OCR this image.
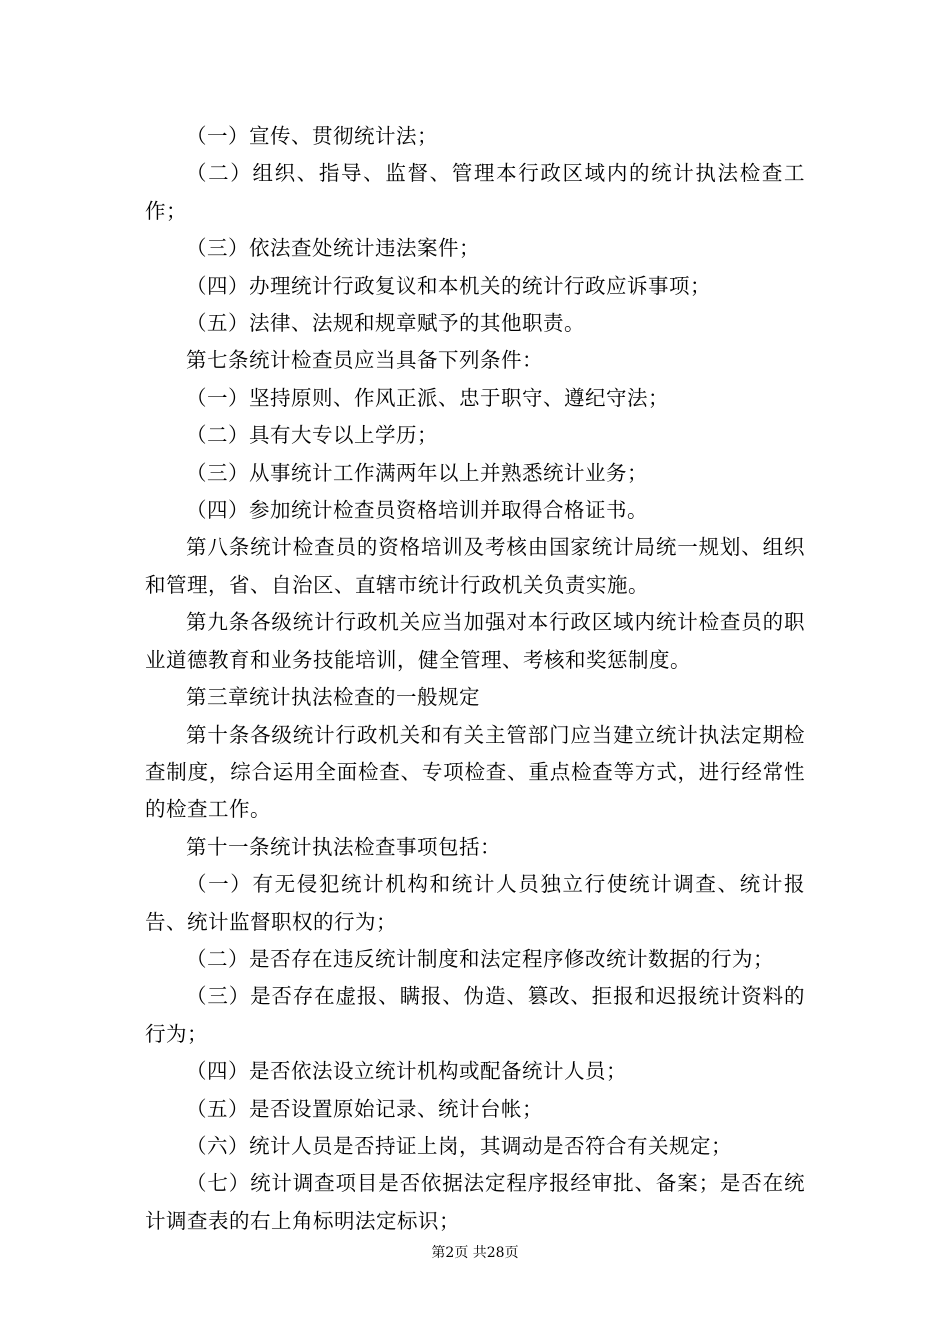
（一）宣传、贯彻统计法；

（二）组织、指导、监督、管理本行政区域内的统计执法检查工作；

（三）依法查处统计违法案件；

（四）办理统计行政复议和本机关的统计行政应诉事项；

（五）法律、法规和规章赋予的其他职责。

第七条统计检查员应当具备下列条件：

（一）坚持原则、作风正派、忠于职守、遵纪守法；

（二）具有大专以上学历；

（三）从事统计工作满两年以上并熟悉统计业务；

（四）参加统计检查员资格培训并取得合格证书。

第八条统计检查员的资格培训及考核由国家统计局统一规划、组织和管理，省、自治区、直辖市统计行政机关负责实施。

第九条各级统计行政机关应当加强对本行政区域内统计检查员的职业道德教育和业务技能培训，健全管理、考核和奖惩制度。

第三章统计执法检查的一般规定

第十条各级统计行政机关和有关主管部门应当建立统计执法定期检查制度，综合运用全面检查、专项检查、重点检查等方式，进行经常性的检查工作。

第十一条统计执法检查事项包括：

（一）有无侵犯统计机构和统计人员独立行使统计调查、统计报告、统计监督职权的行为；

（二）是否存在违反统计制度和法定程序修改统计数据的行为；

（三）是否存在虚报、瞒报、伪造、篡改、拒报和迟报统计资料的行为；

（四）是否依法设立统计机构或配备统计人员；

（五）是否设置原始记录、统计台帐；

（六）统计人员是否持证上岗，其调动是否符合有关规定；

（七）统计调查项目是否依据法定程序报经审批、备案；是否在统计调查表的右上角标明法定标识；

第2页 共28页
